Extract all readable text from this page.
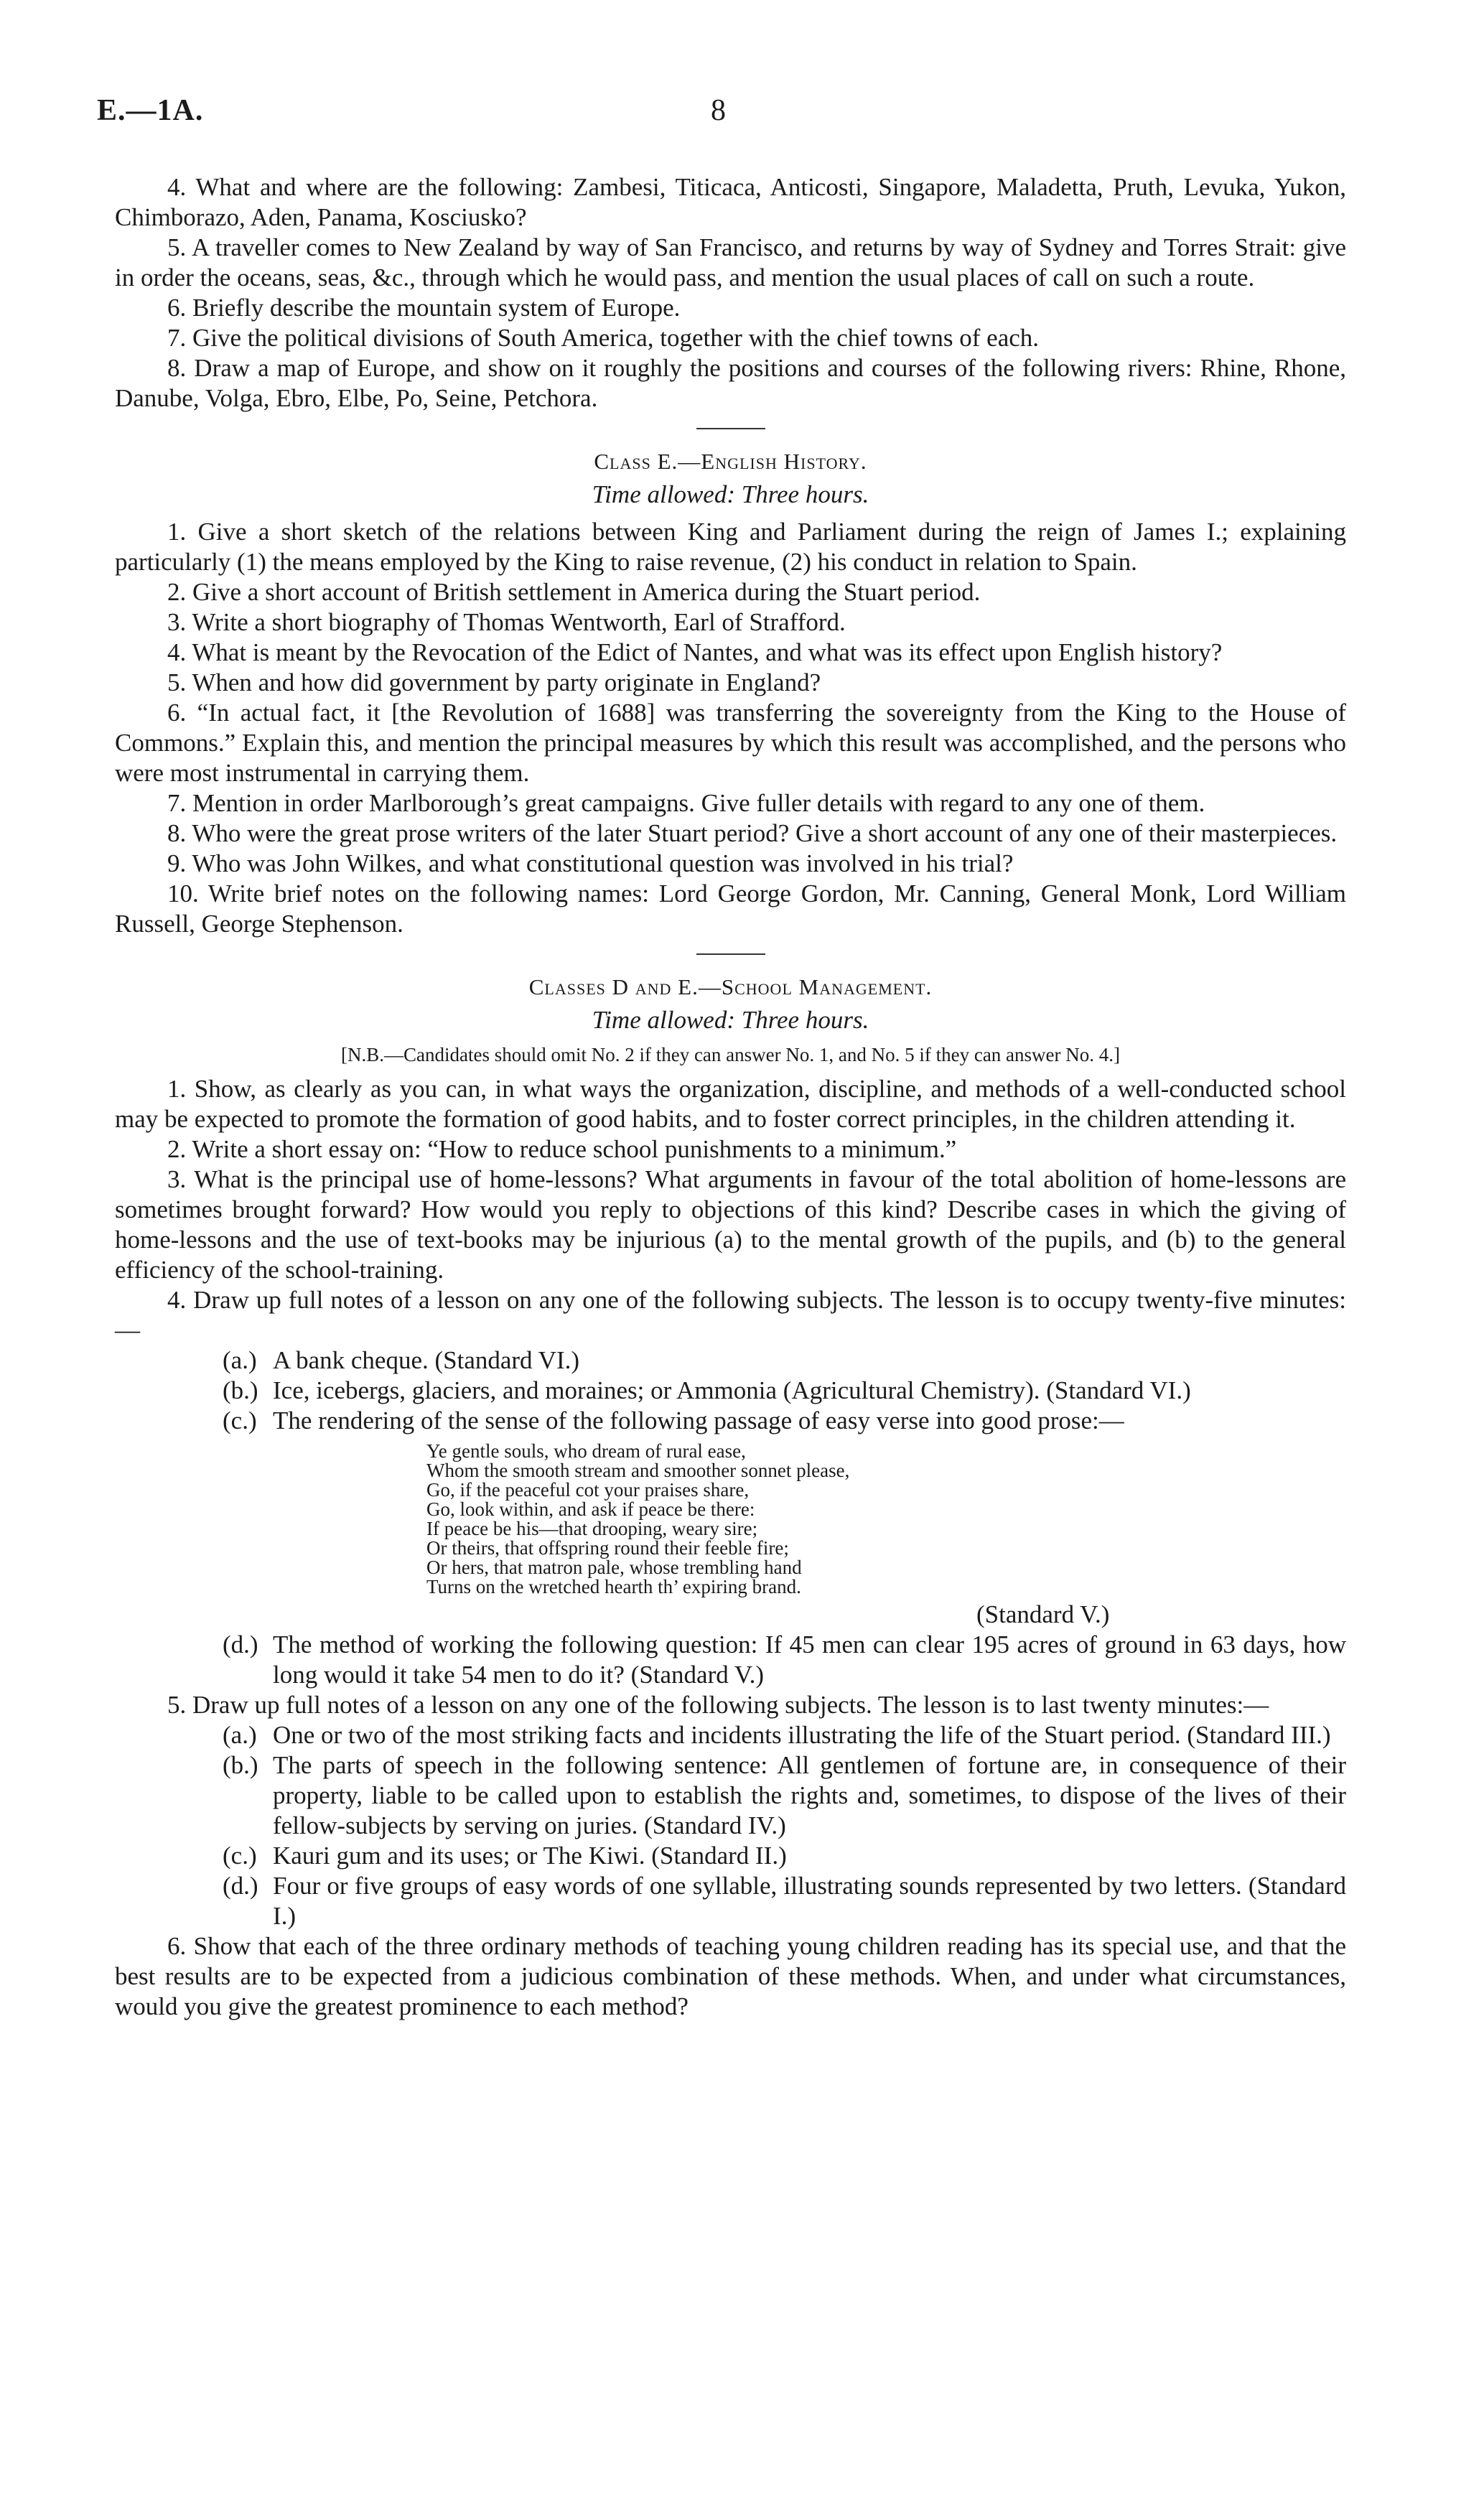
E.—1A.	8

4. What and where are the following: Zambesi, Titicaca, Anticosti, Singapore, Maladetta, Pruth, Levuka, Yukon, Chimborazo, Aden, Panama, Kosciusko?

5. A traveller comes to New Zealand by way of San Francisco, and returns by way of Sydney and Torres Strait: give in order the oceans, seas, &c., through which he would pass, and mention the usual places of call on such a route.

6. Briefly describe the mountain system of Europe.

7. Give the political divisions of South America, together with the chief towns of each.

8. Draw a map of Europe, and show on it roughly the positions and courses of the following rivers: Rhine, Rhone, Danube, Volga, Ebro, Elbe, Po, Seine, Petchora.

Class E.—English History.
Time allowed: Three hours.

1. Give a short sketch of the relations between King and Parliament during the reign of James I.; explaining particularly (1) the means employed by the King to raise revenue, (2) his conduct in relation to Spain.

2. Give a short account of British settlement in America during the Stuart period.

3. Write a short biography of Thomas Wentworth, Earl of Strafford.

4. What is meant by the Revocation of the Edict of Nantes, and what was its effect upon English history?

5. When and how did government by party originate in England?

6. “In actual fact, it [the Revolution of 1688] was transferring the sovereignty from the King to the House of Commons.” Explain this, and mention the principal measures by which this result was accomplished, and the persons who were most instrumental in carrying them.

7. Mention in order Marlborough’s great campaigns. Give fuller details with regard to any one of them.

8. Who were the great prose writers of the later Stuart period? Give a short account of any one of their masterpieces.

9. Who was John Wilkes, and what constitutional question was involved in his trial?

10. Write brief notes on the following names: Lord George Gordon, Mr. Canning, General Monk, Lord William Russell, George Stephenson.

Classes D and E.—School Management.
Time allowed: Three hours.
[N.B.—Candidates should omit No. 2 if they can answer No. 1, and No. 5 if they can answer No. 4.]

1. Show, as clearly as you can, in what ways the organization, discipline, and methods of a well-conducted school may be expected to promote the formation of good habits, and to foster correct principles, in the children attending it.

2. Write a short essay on: “How to reduce school punishments to a minimum.”

3. What is the principal use of home-lessons? What arguments in favour of the total abolition of home-lessons are sometimes brought forward? How would you reply to objections of this kind? Describe cases in which the giving of home-lessons and the use of text-books may be injurious (a) to the mental growth of the pupils, and (b) to the general efficiency of the school-training.

4. Draw up full notes of a lesson on any one of the following subjects. The lesson is to occupy twenty-five minutes:—

(a.) A bank cheque. (Standard VI.)

(b.) Ice, icebergs, glaciers, and moraines; or Ammonia (Agricultural Chemistry). (Standard VI.)

(c.) The rendering of the sense of the following passage of easy verse into good prose:—

Ye gentle souls, who dream of rural ease,
Whom the smooth stream and smoother sonnet please,
Go, if the peaceful cot your praises share,
Go, look within, and ask if peace be there:
If peace be his—that drooping, weary sire;
Or theirs, that offspring round their feeble fire;
Or hers, that matron pale, whose trembling hand
Turns on the wretched hearth th’ expiring brand.
(Standard V.)

(d.) The method of working the following question: If 45 men can clear 195 acres of ground in 63 days, how long would it take 54 men to do it? (Standard V.)

5. Draw up full notes of a lesson on any one of the following subjects. The lesson is to last twenty minutes:—

(a.) One or two of the most striking facts and incidents illustrating the life of the Stuart period. (Standard III.)

(b.) The parts of speech in the following sentence: All gentlemen of fortune are, in consequence of their property, liable to be called upon to establish the rights and, sometimes, to dispose of the lives of their fellow-subjects by serving on juries. (Standard IV.)

(c.) Kauri gum and its uses; or The Kiwi. (Standard II.)

(d.) Four or five groups of easy words of one syllable, illustrating sounds represented by two letters. (Standard I.)

6. Show that each of the three ordinary methods of teaching young children reading has its special use, and that the best results are to be expected from a judicious combination of these methods. When, and under what circumstances, would you give the greatest prominence to each method?
